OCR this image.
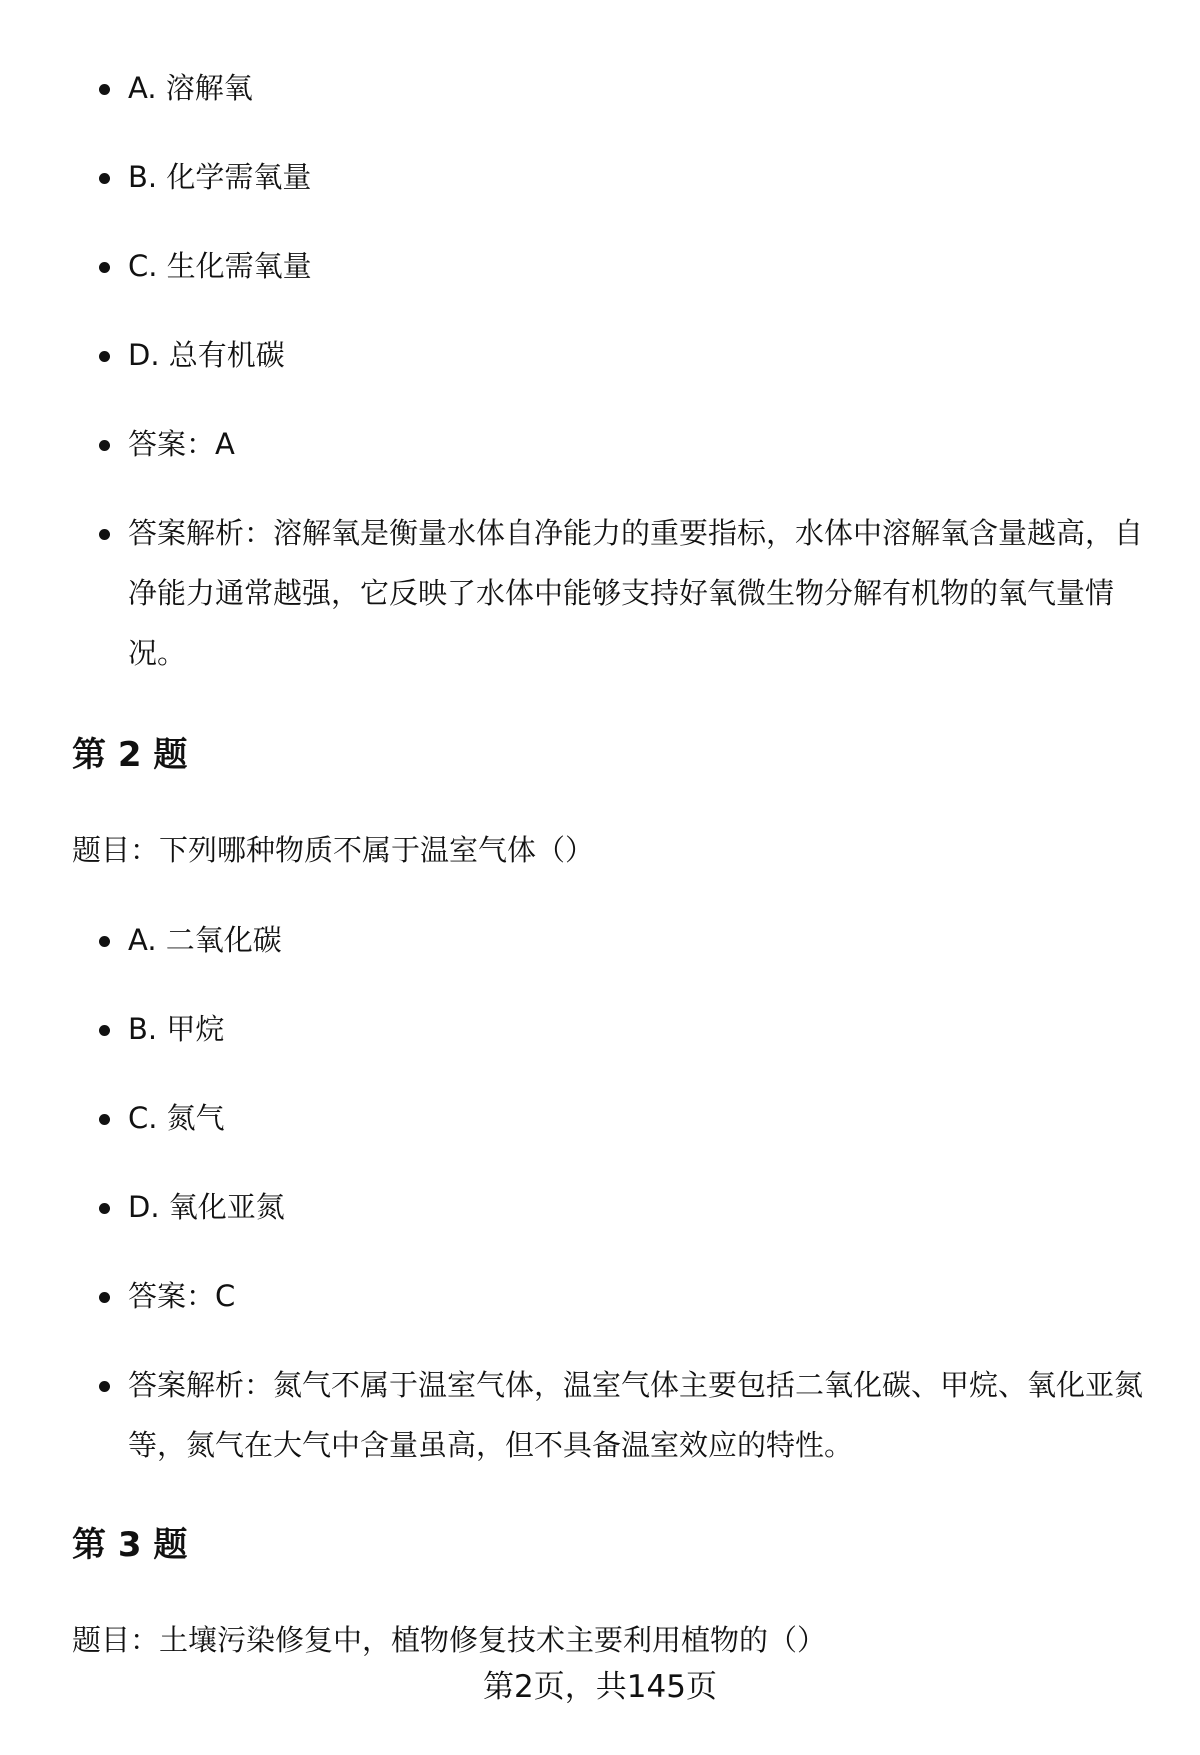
A. 溶解氧
B. 化学需氧量
C. 生化需氧量
D. 总有机碳
答案：A
答案解析：溶解氧是衡量水体自净能力的重要指标，水体中溶解氧含量越高，自净能力通常越强，它反映了水体中能够支持好氧微生物分解有机物的氧气量情况。
第 2 题

题目：下列哪种物质不属于温室气体（）

A. 二氧化碳
B. 甲烷
C. 氮气
D. 氧化亚氮
答案：C
答案解析：氮气不属于温室气体，温室气体主要包括二氧化碳、甲烷、氧化亚氮等，氮气在大气中含量虽高，但不具备温室效应的特性。
第 3 题

题目：土壤污染修复中，植物修复技术主要利用植物的（）

第2页，共145页
